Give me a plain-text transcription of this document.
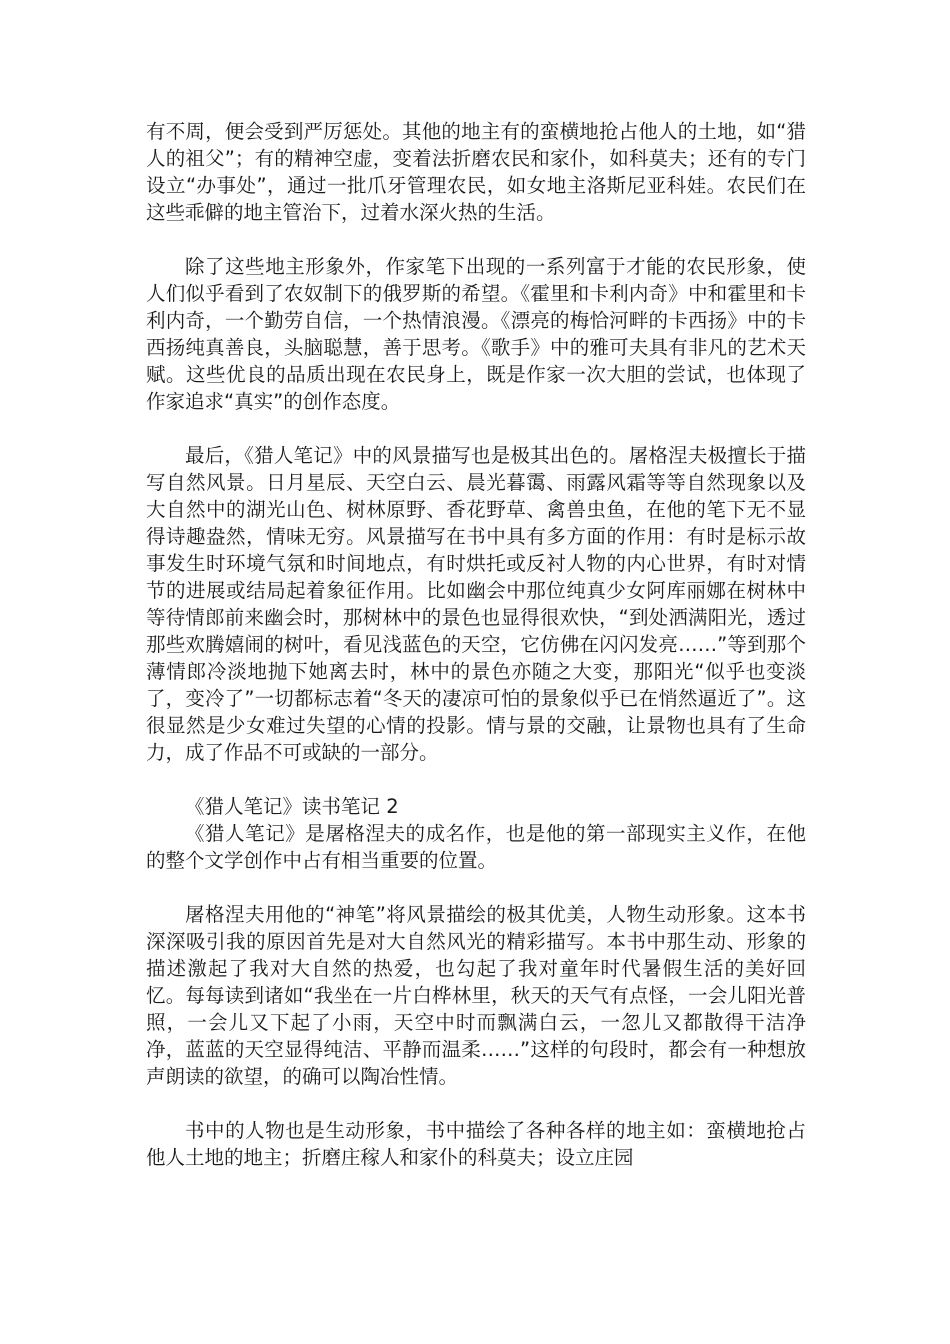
有不周，便会受到严厉惩处。其他的地主有的蛮横地抢占他人的土地，如“猎人的祖父”；有的精神空虚，变着法折磨农民和家仆，如科莫夫；还有的专门设立“办事处”，通过一批爪牙管理农民，如女地主洛斯尼亚科娃。农民们在这些乖僻的地主管治下，过着水深火热的生活。

除了这些地主形象外，作家笔下出现的一系列富于才能的农民形象，使人们似乎看到了农奴制下的俄罗斯的希望。《霍里和卡利内奇》中和霍里和卡利内奇，一个勤劳自信，一个热情浪漫。《漂亮的梅恰河畔的卡西扬》中的卡西扬纯真善良，头脑聪慧，善于思考。《歌手》中的雅可夫具有非凡的艺术天赋。这些优良的品质出现在农民身上，既是作家一次大胆的尝试，也体现了作家追求“真实”的创作态度。

最后，《猎人笔记》中的风景描写也是极其出色的。屠格涅夫极擅长于描写自然风景。日月星辰、天空白云、晨光暮霭、雨露风霜等等自然现象以及大自然中的湖光山色、树林原野、香花野草、禽兽虫鱼，在他的笔下无不显得诗趣盎然，情味无穷。风景描写在书中具有多方面的作用：有时是标示故事发生时环境气氛和时间地点，有时烘托或反衬人物的内心世界，有时对情节的进展或结局起着象征作用。比如幽会中那位纯真少女阿库丽娜在树林中等待情郎前来幽会时，那树林中的景色也显得很欢快，“到处洒满阳光，透过那些欢腾嬉闹的树叶，看见浅蓝色的天空，它仿佛在闪闪发亮……”等到那个薄情郎冷淡地抛下她离去时，林中的景色亦随之大变，那阳光“似乎也变淡了，变冷了”一切都标志着“冬天的凄凉可怕的景象似乎已在悄然逼近了”。这很显然是少女难过失望的心情的投影。情与景的交融，让景物也具有了生命力，成了作品不可或缺的一部分。

《猎人笔记》读书笔记 2

《猎人笔记》是屠格涅夫的成名作，也是他的第一部现实主义作，在他的整个文学创作中占有相当重要的位置。

屠格涅夫用他的“神笔”将风景描绘的极其优美，人物生动形象。这本书深深吸引我的原因首先是对大自然风光的精彩描写。本书中那生动、形象的描述激起了我对大自然的热爱，也勾起了我对童年时代暑假生活的美好回忆。每每读到诸如“我坐在一片白桦林里，秋天的天气有点怪，一会儿阳光普照，一会儿又下起了小雨，天空中时而飘满白云，一忽儿又都散得干洁净净，蓝蓝的天空显得纯洁、平静而温柔……”这样的句段时，都会有一种想放声朗读的欲望，的确可以陶冶性情。

书中的人物也是生动形象，书中描绘了各种各样的地主如：蛮横地抢占他人土地的地主；折磨庄稼人和家仆的科莫夫；设立庄园
